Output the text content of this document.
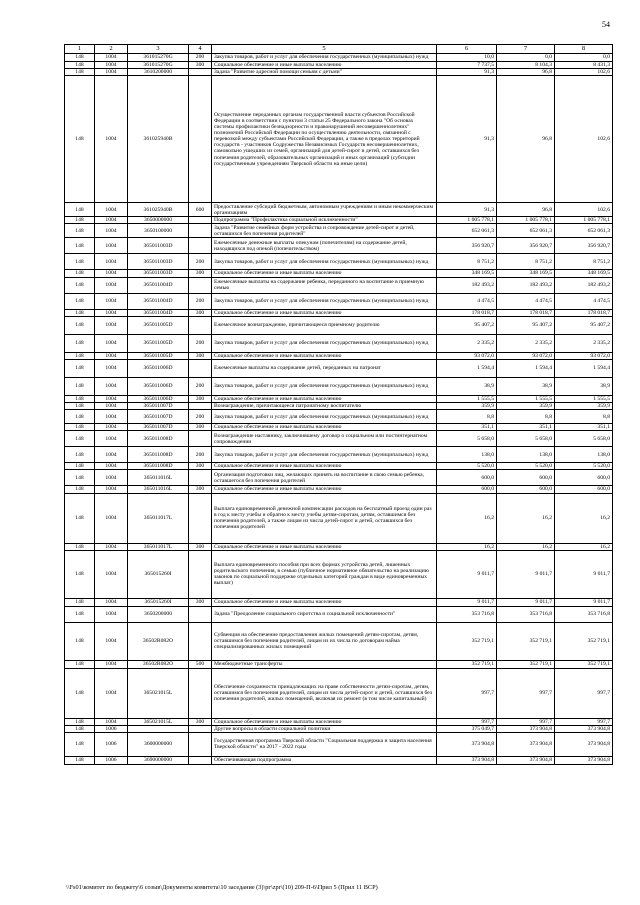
54
1	2	3	4	5	6	7	8
148	1004	361015270G	200	Закупка товаров, работ и услуг для обеспечения государственных (муниципальных) нужд	10,0	0,0	0,0
148	1004	361015270G	300	Социальное обеспечение и иные выплаты населению	7 737,5	8 104,3	8 431,3
148	1004	3610200000		Задача "Развитие адресной помощи семьям с детьми"	91,3	96,8	102,6
148	1004	361025940В		Осуществление переданных органам государственной власти субъектов Российской Федерации в соответствии с пунктом 3 статьи 25 Федерального закона "Об основах системы профилактики безнадзорности и правонарушений несовершеннолетних" полномочий Российской Федерации по осуществлению деятельности, связанной с перевозкой между субъектами Российской Федерации, а также в пределах территорий государств - участников Содружества Независимых Государств несовершеннолетних, самовольно ушедших из семей, организаций для детей-сирот и детей, оставшихся без попечения родителей, образовательных организаций и иных организаций (субсидии государственным учреждениям Тверской области на иные цели)	91,3	96,8	102,6
148	1004	361025940В	600	Предоставление субсидий бюджетным, автономным учреждениям и иным некоммерческим организациям	91,3	96,8	102,6
148	1004	3650000000		Подпрограмма "Профилактика социальной исключенности"	1 005 778,1	1 005 778,1	1 005 778,1
148	1004	3650100000		Задача "Развитие семейных форм устройства и сопровождение детей-сирот и детей, оставшихся без попечения родителей"	652 061,3	652 061,3	652 061,3
148	1004	365011003D		Ежемесячные денежные выплаты опекунам (попечителям) на содержание детей, находящихся под опекой (попечительством)	356 920,7	356 920,7	356 920,7
148	1004	365011003D	200	Закупка товаров, работ и услуг для обеспечения государственных (муниципальных) нужд	8 751,2	8 751,2	8 751,2
148	1004	365011003D	300	Социальное обеспечение и иные выплаты населению	348 169,5	348 169,5	348 169,5
148	1004	365011004D		Ежемесячные выплаты на содержание ребенка, переданного на воспитание в приемную семью	182 493,2	182 493,2	182 493,2
148	1004	365011004D	200	Закупка товаров, работ и услуг для обеспечения государственных (муниципальных) нужд	4 474,5	4 474,5	4 474,5
148	1004	365011004D	300	Социальное обеспечение и иные выплаты населению	178 018,7	178 018,7	178 018,7
148	1004	365011005D		Ежемесячное вознаграждение, причитающееся приемному родителю	95 407,2	95 407,2	95 407,2
148	1004	365011005D	200	Закупка товаров, работ и услуг для обеспечения государственных (муниципальных) нужд	2 335,2	2 335,2	2 335,2
148	1004	365011005D	300	Социальное обеспечение и иные выплаты населению	93 072,0	93 072,0	93 072,0
148	1004	365011006D		Ежемесячные выплаты на содержание детей, переданных на патронат	1 594,4	1 594,4	1 594,4
148	1004	365011006D	200	Закупка товаров, работ и услуг для обеспечения государственных (муниципальных) нужд	38,9	38,9	38,9
148	1004	365011006D	300	Социальное обеспечение и иные выплаты населению	1 555,5	1 555,5	1 555,5
148	1004	365011007D		Вознаграждение, причитающееся патронатному воспитателю	359,9	359,9	359,9
148	1004	365011007D	200	Закупка товаров, работ и услуг для обеспечения государственных (муниципальных) нужд	8,8	8,8	8,8
148	1004	365011007D	300	Социальное обеспечение и иные выплаты населению	351,1	351,1	351,1
148	1004	365011008D		Вознаграждение наставнику, заключившему договор о социальном или постинтернатном сопровождении	5 658,0	5 658,0	5 658,0
148	1004	365011008D	200	Закупка товаров, работ и услуг для обеспечения государственных (муниципальных) нужд	138,0	138,0	138,0
148	1004	365011008D	300	Социальное обеспечение и иные выплаты населению	5 520,0	5 520,0	5 520,0
148	1004	365011016L		Организация подготовки лиц, желающих принять на воспитание в свою семью ребенка, оставшегося без попечения родителей	600,0	600,0	600,0
148	1004	365011016L	300	Социальное обеспечение и иные выплаты населению	600,0	600,0	600,0
148	1004	365011017L		Выплата единовременной денежной компенсации расходов на бесплатный проезд один раз в год к месту учебы и обратно к месту учебы детям-сиротам, детям, оставшимся без попечения родителей, а также лицам из числа детей-сирот и детей, оставшихся без попечения родителей	16,2	16,2	16,2
148	1004	365011017L	300	Социальное обеспечение и иные выплаты населению	16,2	16,2	16,2
148	1004	365015260I		Выплата единовременного пособия при всех формах устройства детей, лишенных родительского попечения, в семью (публичное нормативное обязательство на реализацию законов по социальной поддержке отдельных категорий граждан в виде единовременных выплат)	9 011,7	9 011,7	9 011,7
148	1004	365015260I	300	Социальное обеспечение и иные выплаты населению	9 011,7	9 011,7	9 011,7
148	1004	3650200000		Задача "Преодоление социального сиротства и социальной исключенности"	353 716,8	353 716,8	353 716,8
148	1004	36502R082O		Субвенция на обеспечение предоставления жилых помещений детям-сиротам, детям, оставшимся без попечения родителей, лицам из их числа по договорам найма специализированных жилых помещений	352 719,1	352 719,1	352 719,1
148	1004	36502R082O	500	Межбюджетные трансферты	352 719,1	352 719,1	352 719,1
148	1004	365021015L		Обеспечение сохранности принадлежащих на праве собственности детям-сиротам, детям, оставшимся без попечения родителей, лицам из числа детей-сирот и детей, оставшихся без попечения родителей, жилых помещений, включая их ремонт (в том числе капитальный)	997,7	997,7	997,7
148	1004	365021015L	300	Социальное обеспечение и иные выплаты населению	997,7	997,7	997,7
148	1006			Другие вопросы в области социальной политики	375 049,7	373 904,8	373 904,8
148	1006	3600000000		Государственная программа Тверской области "Социальная поддержка и защита населения Тверской области" на 2017 - 2022 годы	373 904,8	373 904,8	373 904,8
148	1006	3690000000		Обеспечивающая подпрограмма	373 904,8	373 904,8	373 904,8
\\Fs01\комитет по бюджету\6 созыв\Документы комитета\10 заседание (3)\рг\zpr\(10) 209-П-6\Прил 5 (Прил 11 ВСР)
